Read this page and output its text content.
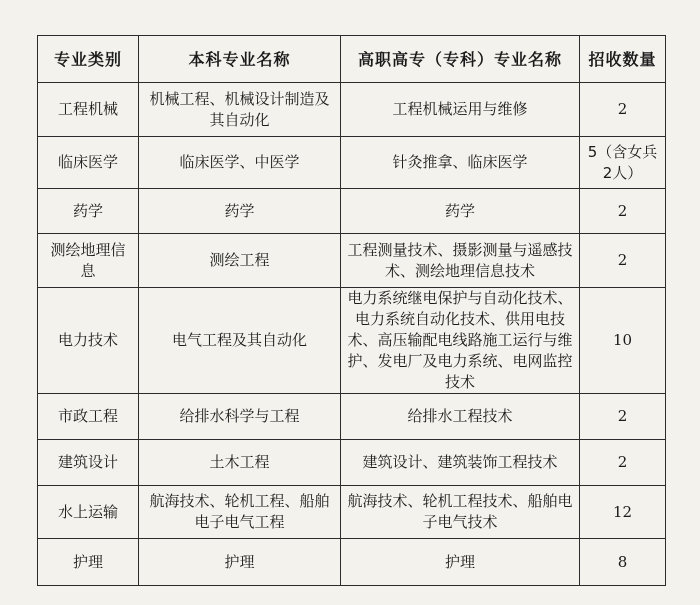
专业类别	本科专业名称	高职高专（专科）专业名称	招收数量
工程机械	机械工程、机械设计制造及其自动化	工程机械运用与维修	2
临床医学	临床医学、中医学	针灸推拿、临床医学	5（含女兵2人）
药学	药学	药学	2
测绘地理信息	测绘工程	工程测量技术、摄影测量与遥感技术、测绘地理信息技术	2
电力技术	电气工程及其自动化	电力系统继电保护与自动化技术、电力系统自动化技术、供用电技术、高压输配电线路施工运行与维护、发电厂及电力系统、电网监控技术	10
市政工程	给排水科学与工程	给排水工程技术	2
建筑设计	土木工程	建筑设计、建筑装饰工程技术	2
水上运输	航海技术、轮机工程、船舶电子电气工程	航海技术、轮机工程技术、船舶电子电气技术	12
护理	护理	护理	8
